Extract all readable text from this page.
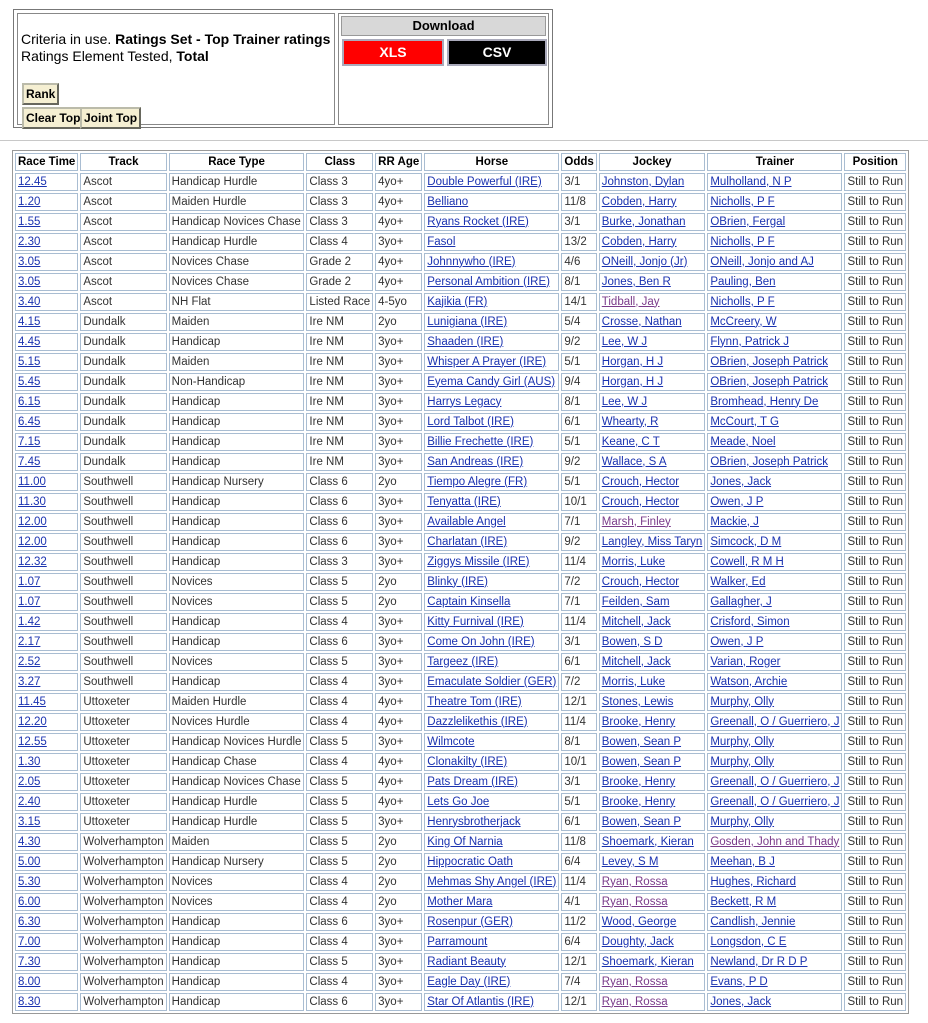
Criteria in use. Ratings Set - Top Trainer ratings
Ratings Element Tested, Total
Rank
Clear Top Joint Top
Download
XLS	CSV
Race Time	Track	Race Type	Class	RR Age	Horse	Odds	Jockey	Trainer	Position
12.45	Ascot	Handicap Hurdle	Class 3	4yo+	Double Powerful (IRE)	3/1	Johnston, Dylan	Mulholland, N P	Still to Run
1.20	Ascot	Maiden Hurdle	Class 3	4yo+	Belliano	11/8	Cobden, Harry	Nicholls, P F	Still to Run
1.55	Ascot	Handicap Novices Chase	Class 3	4yo+	Ryans Rocket (IRE)	3/1	Burke, Jonathan	OBrien, Fergal	Still to Run
2.30	Ascot	Handicap Hurdle	Class 4	3yo+	Fasol	13/2	Cobden, Harry	Nicholls, P F	Still to Run
3.05	Ascot	Novices Chase	Grade 2	4yo+	Johnnywho (IRE)	4/6	ONeill, Jonjo (Jr)	ONeill, Jonjo and AJ	Still to Run
3.05	Ascot	Novices Chase	Grade 2	4yo+	Personal Ambition (IRE)	8/1	Jones, Ben R	Pauling, Ben	Still to Run
3.40	Ascot	NH Flat	Listed Race	4-5yo	Kajikia (FR)	14/1	Tidball, Jay	Nicholls, P F	Still to Run
4.15	Dundalk	Maiden	Ire NM	2yo	Lunigiana (IRE)	5/4	Crosse, Nathan	McCreery, W	Still to Run
4.45	Dundalk	Handicap	Ire NM	3yo+	Shaaden (IRE)	9/2	Lee, W J	Flynn, Patrick J	Still to Run
5.15	Dundalk	Maiden	Ire NM	3yo+	Whisper A Prayer (IRE)	5/1	Horgan, H J	OBrien, Joseph Patrick	Still to Run
5.45	Dundalk	Non-Handicap	Ire NM	3yo+	Eyema Candy Girl (AUS)	9/4	Horgan, H J	OBrien, Joseph Patrick	Still to Run
6.15	Dundalk	Handicap	Ire NM	3yo+	Harrys Legacy	8/1	Lee, W J	Bromhead, Henry De	Still to Run
6.45	Dundalk	Handicap	Ire NM	3yo+	Lord Talbot (IRE)	6/1	Whearty, R	McCourt, T G	Still to Run
7.15	Dundalk	Handicap	Ire NM	3yo+	Billie Frechette (IRE)	5/1	Keane, C T	Meade, Noel	Still to Run
7.45	Dundalk	Handicap	Ire NM	3yo+	San Andreas (IRE)	9/2	Wallace, S A	OBrien, Joseph Patrick	Still to Run
11.00	Southwell	Handicap Nursery	Class 6	2yo	Tiempo Alegre (FR)	5/1	Crouch, Hector	Jones, Jack	Still to Run
11.30	Southwell	Handicap	Class 6	3yo+	Tenyatta (IRE)	10/1	Crouch, Hector	Owen, J P	Still to Run
12.00	Southwell	Handicap	Class 6	3yo+	Available Angel	7/1	Marsh, Finley	Mackie, J	Still to Run
12.00	Southwell	Handicap	Class 6	3yo+	Charlatan (IRE)	9/2	Langley, Miss Taryn	Simcock, D M	Still to Run
12.32	Southwell	Handicap	Class 3	3yo+	Ziggys Missile (IRE)	11/4	Morris, Luke	Cowell, R M H	Still to Run
1.07	Southwell	Novices	Class 5	2yo	Blinky (IRE)	7/2	Crouch, Hector	Walker, Ed	Still to Run
1.07	Southwell	Novices	Class 5	2yo	Captain Kinsella	7/1	Feilden, Sam	Gallagher, J	Still to Run
1.42	Southwell	Handicap	Class 4	3yo+	Kitty Furnival (IRE)	11/4	Mitchell, Jack	Crisford, Simon	Still to Run
2.17	Southwell	Handicap	Class 6	3yo+	Come On John (IRE)	3/1	Bowen, S D	Owen, J P	Still to Run
2.52	Southwell	Novices	Class 5	3yo+	Targeez (IRE)	6/1	Mitchell, Jack	Varian, Roger	Still to Run
3.27	Southwell	Handicap	Class 4	3yo+	Emaculate Soldier (GER)	7/2	Morris, Luke	Watson, Archie	Still to Run
11.45	Uttoxeter	Maiden Hurdle	Class 4	4yo+	Theatre Tom (IRE)	12/1	Stones, Lewis	Murphy, Olly	Still to Run
12.20	Uttoxeter	Novices Hurdle	Class 4	4yo+	Dazzlelikethis (IRE)	11/4	Brooke, Henry	Greenall, O / Guerriero, J	Still to Run
12.55	Uttoxeter	Handicap Novices Hurdle	Class 5	3yo+	Wilmcote	8/1	Bowen, Sean P	Murphy, Olly	Still to Run
1.30	Uttoxeter	Handicap Chase	Class 4	4yo+	Clonakilty (IRE)	10/1	Bowen, Sean P	Murphy, Olly	Still to Run
2.05	Uttoxeter	Handicap Novices Chase	Class 5	4yo+	Pats Dream (IRE)	3/1	Brooke, Henry	Greenall, O / Guerriero, J	Still to Run
2.40	Uttoxeter	Handicap Hurdle	Class 5	4yo+	Lets Go Joe	5/1	Brooke, Henry	Greenall, O / Guerriero, J	Still to Run
3.15	Uttoxeter	Handicap Hurdle	Class 5	3yo+	Henrysbrotherjack	6/1	Bowen, Sean P	Murphy, Olly	Still to Run
4.30	Wolverhampton	Maiden	Class 5	2yo	King Of Narnia	11/8	Shoemark, Kieran	Gosden, John and Thady	Still to Run
5.00	Wolverhampton	Handicap Nursery	Class 5	2yo	Hippocratic Oath	6/4	Levey, S M	Meehan, B J	Still to Run
5.30	Wolverhampton	Novices	Class 4	2yo	Mehmas Shy Angel (IRE)	11/4	Ryan, Rossa	Hughes, Richard	Still to Run
6.00	Wolverhampton	Novices	Class 4	2yo	Mother Mara	4/1	Ryan, Rossa	Beckett, R M	Still to Run
6.30	Wolverhampton	Handicap	Class 6	3yo+	Rosenpur (GER)	11/2	Wood, George	Candlish, Jennie	Still to Run
7.00	Wolverhampton	Handicap	Class 4	3yo+	Parramount	6/4	Doughty, Jack	Longsdon, C E	Still to Run
7.30	Wolverhampton	Handicap	Class 5	3yo+	Radiant Beauty	12/1	Shoemark, Kieran	Newland, Dr R D P	Still to Run
8.00	Wolverhampton	Handicap	Class 4	3yo+	Eagle Day (IRE)	7/4	Ryan, Rossa	Evans, P D	Still to Run
8.30	Wolverhampton	Handicap	Class 6	3yo+	Star Of Atlantis (IRE)	12/1	Ryan, Rossa	Jones, Jack	Still to Run
